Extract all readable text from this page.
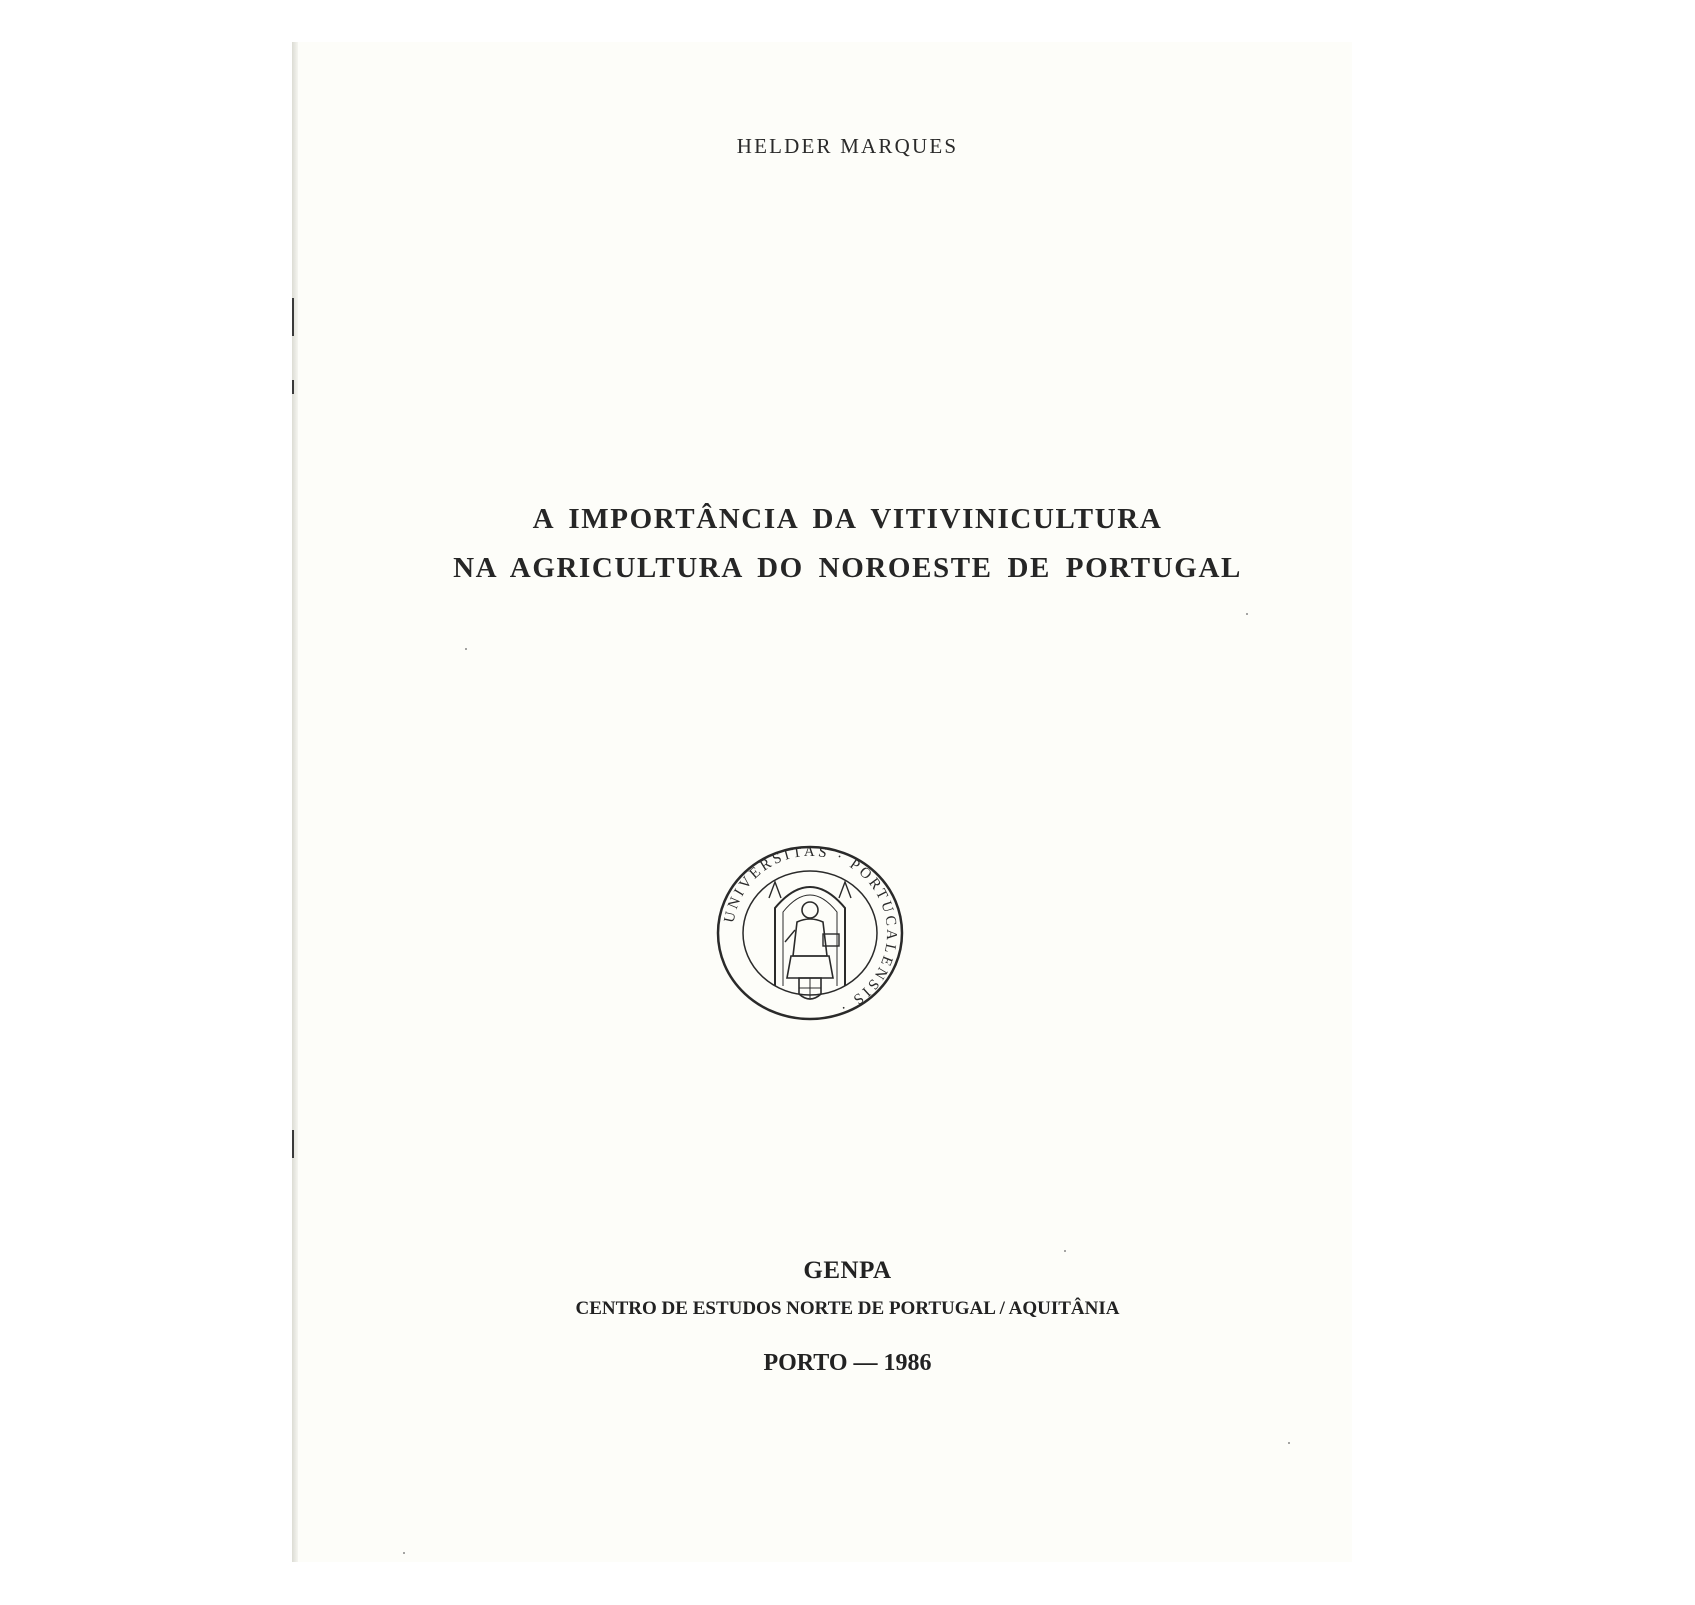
HELDER MARQUES
A IMPORTÂNCIA DA VITIVINICULTURA
NA AGRICULTURA DO NOROESTE DE PORTUGAL
UNIVERSITAS · PORTUCALENSIS ·
GENPA
CENTRO DE ESTUDOS NORTE DE PORTUGAL / AQUITÂNIA
PORTO — 1986
